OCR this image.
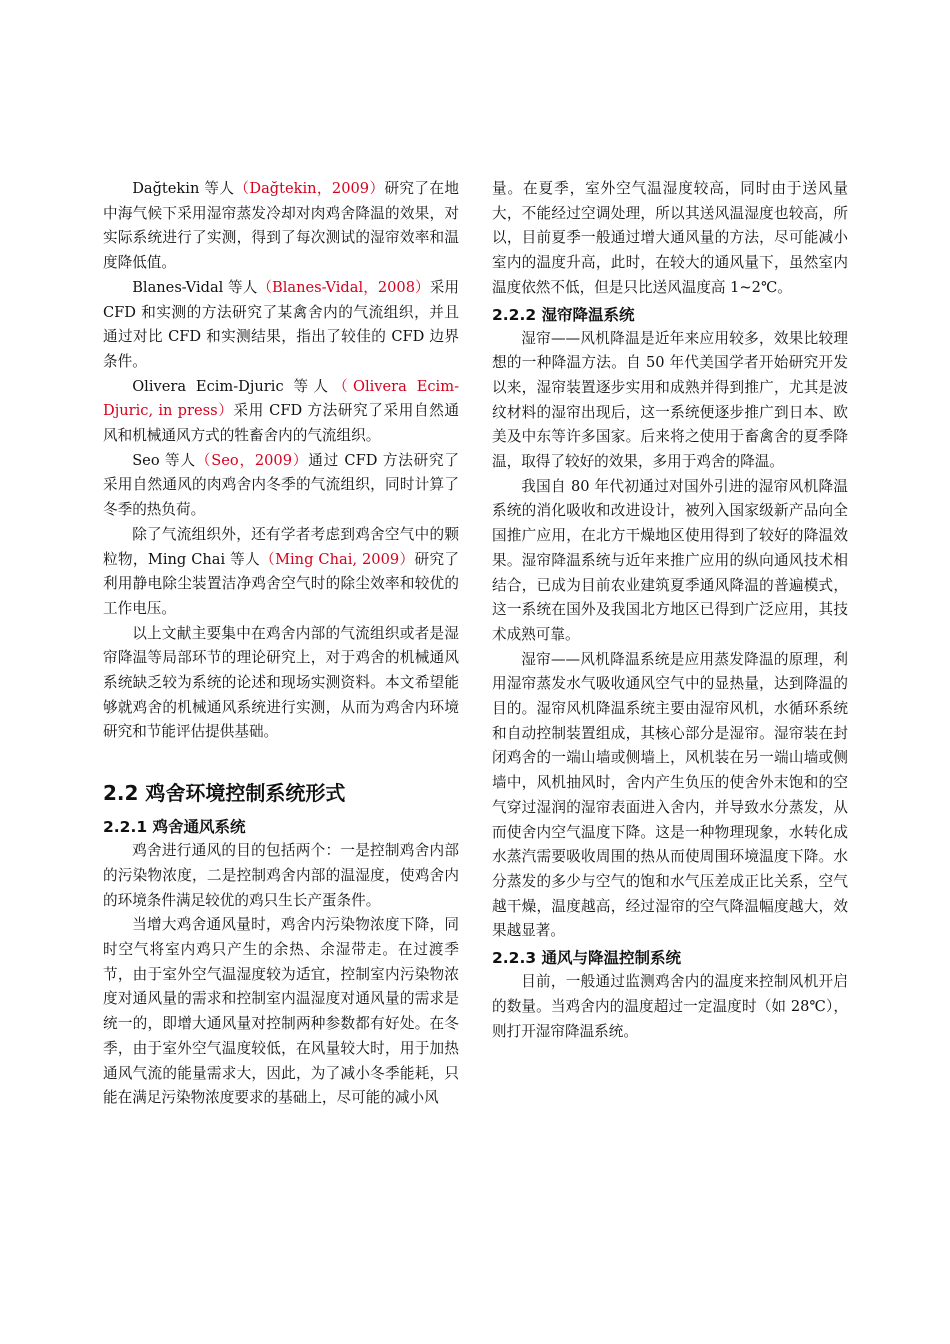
Dağtekin 等人（Dağtekin，2009）研究了在地中海气候下采用湿帘蒸发冷却对肉鸡舍降温的效果，对实际系统进行了实测，得到了每次测试的湿帘效率和温度降低值。

Blanes-Vidal 等人（Blanes-Vidal，2008）采用 CFD 和实测的方法研究了某禽舍内的气流组织，并且通过对比 CFD 和实测结果，指出了较佳的 CFD 边界条件。

Olivera Ecim-Djuric 等人（Olivera Ecim-Djuric, in press）采用 CFD 方法研究了采用自然通风和机械通风方式的牲畜舍内的气流组织。

Seo 等人（Seo，2009）通过 CFD 方法研究了采用自然通风的肉鸡舍内冬季的气流组织，同时计算了冬季的热负荷。

除了气流组织外，还有学者考虑到鸡舍空气中的颗粒物，Ming Chai 等人（Ming Chai, 2009）研究了利用静电除尘装置洁净鸡舍空气时的除尘效率和较优的工作电压。

以上文献主要集中在鸡舍内部的气流组织或者是湿帘降温等局部环节的理论研究上，对于鸡舍的机械通风系统缺乏较为系统的论述和现场实测资料。本文希望能够就鸡舍的机械通风系统进行实测，从而为鸡舍内环境研究和节能评估提供基础。

2.2 鸡舍环境控制系统形式
2.2.1 鸡舍通风系统

鸡舍进行通风的目的包括两个：一是控制鸡舍内部的污染物浓度，二是控制鸡舍内部的温湿度，使鸡舍内的环境条件满足较优的鸡只生长产蛋条件。

当增大鸡舍通风量时，鸡舍内污染物浓度下降，同时空气将室内鸡只产生的余热、余湿带走。在过渡季节，由于室外空气温湿度较为适宜，控制室内污染物浓度对通风量的需求和控制室内温湿度对通风量的需求是统一的，即增大通风量对控制两种参数都有好处。在冬季，由于室外空气温度较低，在风量较大时，用于加热通风气流的能量需求大，因此，为了减小冬季能耗，只能在满足污染物浓度要求的基础上，尽可能的减小风

量。在夏季，室外空气温湿度较高，同时由于送风量大，不能经过空调处理，所以其送风温湿度也较高，所以，目前夏季一般通过增大通风量的方法，尽可能减小室内的温度升高，此时，在较大的通风量下，虽然室内温度依然不低，但是只比送风温度高 1~2℃。

2.2.2 湿帘降温系统

湿帘——风机降温是近年来应用较多，效果比较理想的一种降温方法。自 50 年代美国学者开始研究开发以来，湿帘装置逐步实用和成熟并得到推广，尤其是波纹材料的湿帘出现后，这一系统便逐步推广到日本、欧美及中东等许多国家。后来将之使用于畜禽舍的夏季降温，取得了较好的效果，多用于鸡舍的降温。

我国自 80 年代初通过对国外引进的湿帘风机降温系统的消化吸收和改进设计，被列入国家级新产品向全国推广应用，在北方干燥地区使用得到了较好的降温效果。湿帘降温系统与近年来推广应用的纵向通风技术相结合，已成为目前农业建筑夏季通风降温的普遍模式，这一系统在国外及我国北方地区已得到广泛应用，其技术成熟可靠。

湿帘——风机降温系统是应用蒸发降温的原理，利用湿帘蒸发水气吸收通风空气中的显热量，达到降温的目的。湿帘风机降温系统主要由湿帘风机，水循环系统和自动控制装置组成，其核心部分是湿帘。湿帘装在封闭鸡舍的一端山墙或侧墙上，风机装在另一端山墙或侧墙中，风机抽风时，舍内产生负压的使舍外末饱和的空气穿过湿润的湿帘表面进入舍内，并导致水分蒸发，从而使舍内空气温度下降。这是一种物理现象，水转化成水蒸汽需要吸收周围的热从而使周围环境温度下降。水分蒸发的多少与空气的饱和水气压差成正比关系，空气越干燥，温度越高，经过湿帘的空气降温幅度越大，效果越显著。

2.2.3 通风与降温控制系统

目前，一般通过监测鸡舍内的温度来控制风机开启的数量。当鸡舍内的温度超过一定温度时（如 28℃），则打开湿帘降温系统。
